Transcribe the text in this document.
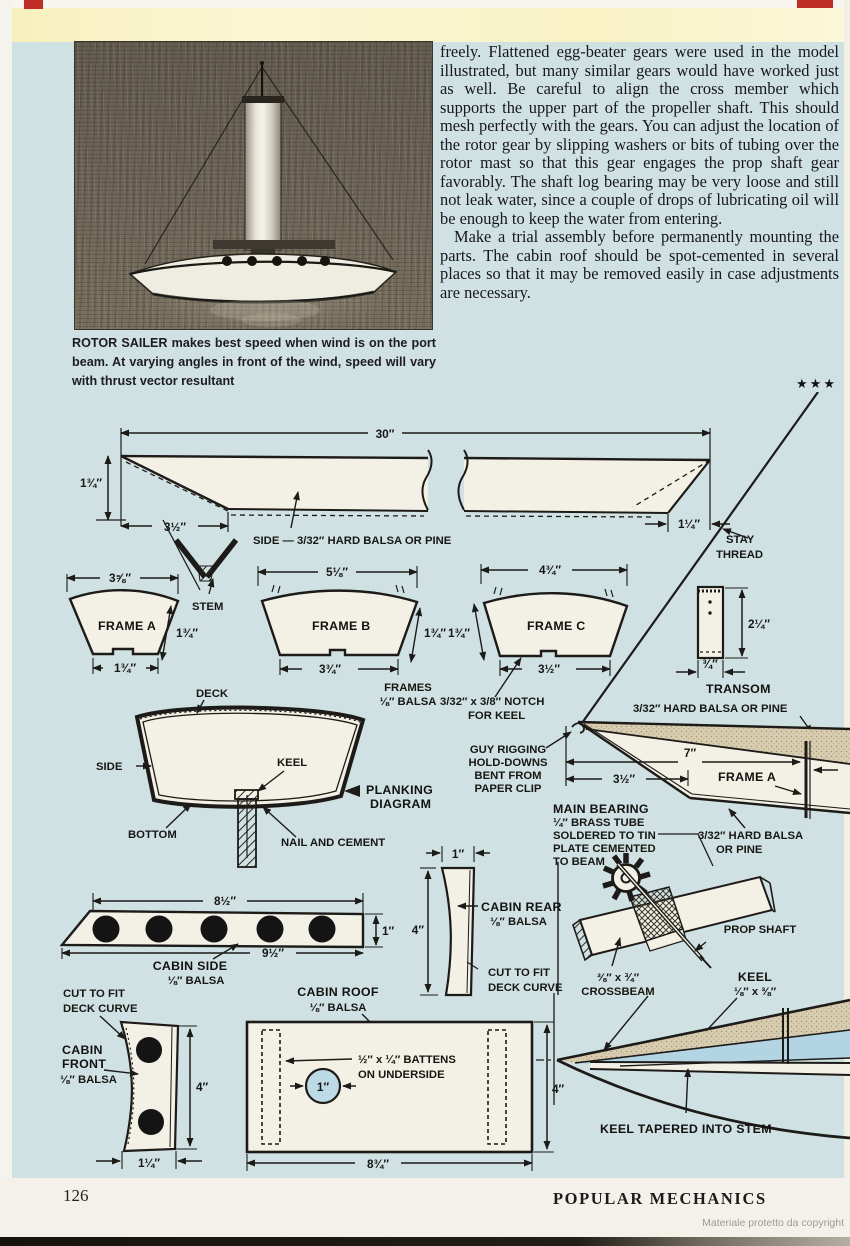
ROTOR SAILER makes best speed when wind is on the port beam. At varying angles in front of the wind, speed will vary with thrust vector resultant

freely. Flattened egg-beater gears were used in the model illustrated, but many similar gears would have worked just as well. Be careful to align the cross member which supports the upper part of the propeller shaft. This should mesh perfectly with the gears. You can adjust the location of the rotor gear by slipping washers or bits of tubing over the rotor mast so that this gear engages the prop shaft gear favorably. The shaft log bearing may be very loose and still not leak water, since a couple of drops of lubricating oil will be enough to keep the water from entering.

Make a trial assembly before permanently mounting the parts. The cabin roof should be spot-cemented in several places so that it may be removed easily in case adjustments are necessary.

★★★
30″
1¾″
3½″	1¼″
SIDE — 3/32″ HARD BALSA OR PINE	STAY
THREAD
STEM
3⅝″
FRAME A 1¾″
1¾″
5⅛″
FRAME B	1¾″
3¾″
4¾″
FRAME C
1¾″
3½″
FRAMES
⅛″ BALSA 3/32″ x 3/8″ NOTCH
FOR KEEL
2¼″
¾″
TRANSOM
3/32″ HARD BALSA OR PINE
DECK
SIDE	KEEL
BOTTOM
NAIL AND CEMENT
PLANKING
DIAGRAM
7″
3½″	FRAME A
GUY RIGGING
HOLD-DOWNS
BENT FROM
PAPER CLIP
MAIN BEARING
¼″ BRASS TUBE
SOLDERED TO TIN
PLATE CEMENTED
TO BEAM
3/32″ HARD BALSA
OR PINE
PROP SHAFT
⅜″ x ¾″
CROSSBEAM
KEEL
⅛″ x ⅜″
8½″
1″
9½″
CABIN SIDE
⅛″ BALSA
1″
4″
CABIN REAR
⅛″ BALSA
CUT TO FIT
DECK CURVE
CUT TO FIT
DECK CURVE
CABIN
FRONT
⅛″ BALSA	4″
1¼″
CABIN ROOF
⅛″ BALSA
1″
½″ x ¼″ BATTENS
ON UNDERSIDE
8¾″
4″
KEEL TAPERED INTO STEM
126	POPULAR MECHANICS
Materiale protetto da copyright
